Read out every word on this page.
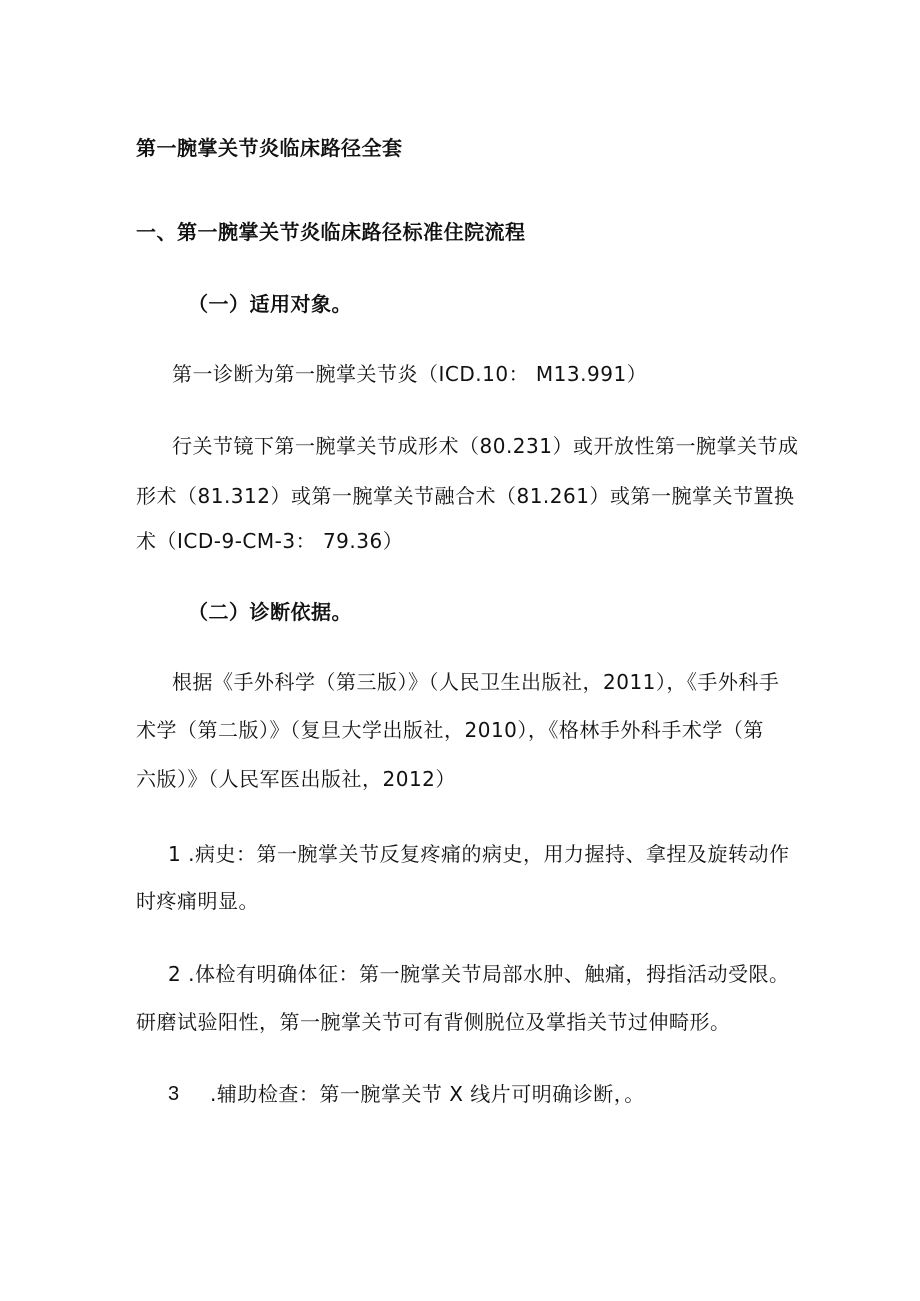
第一腕掌关节炎临床路径全套
一、第一腕掌关节炎临床路径标准住院流程
（一）适用对象。
第一诊断为第一腕掌关节炎（ICD.10： M13.991）
行关节镜下第一腕掌关节成形术（80.231）或开放性第一腕掌关节成
形术（81.312）或第一腕掌关节融合术（81.261）或第一腕掌关节置换
术（ICD-9-CM-3： 79.36）
（二）诊断依据。
根据《手外科学（第三版）》（人民卫生出版社，2011），《手外科手
术学（第二版）》（复旦大学出版社，2010），《格林手外科手术学（第
六版）》（人民军医出版社，2012）
1 .病史：第一腕掌关节反复疼痛的病史，用力握持、拿捏及旋转动作
时疼痛明显。
2 .体检有明确体征：第一腕掌关节局部水肿、触痛，拇指活动受限。
研磨试验阳性，第一腕掌关节可有背侧脱位及掌指关节过伸畸形。
3 .辅助检查：第一腕掌关节 X 线片可明确诊断，。
